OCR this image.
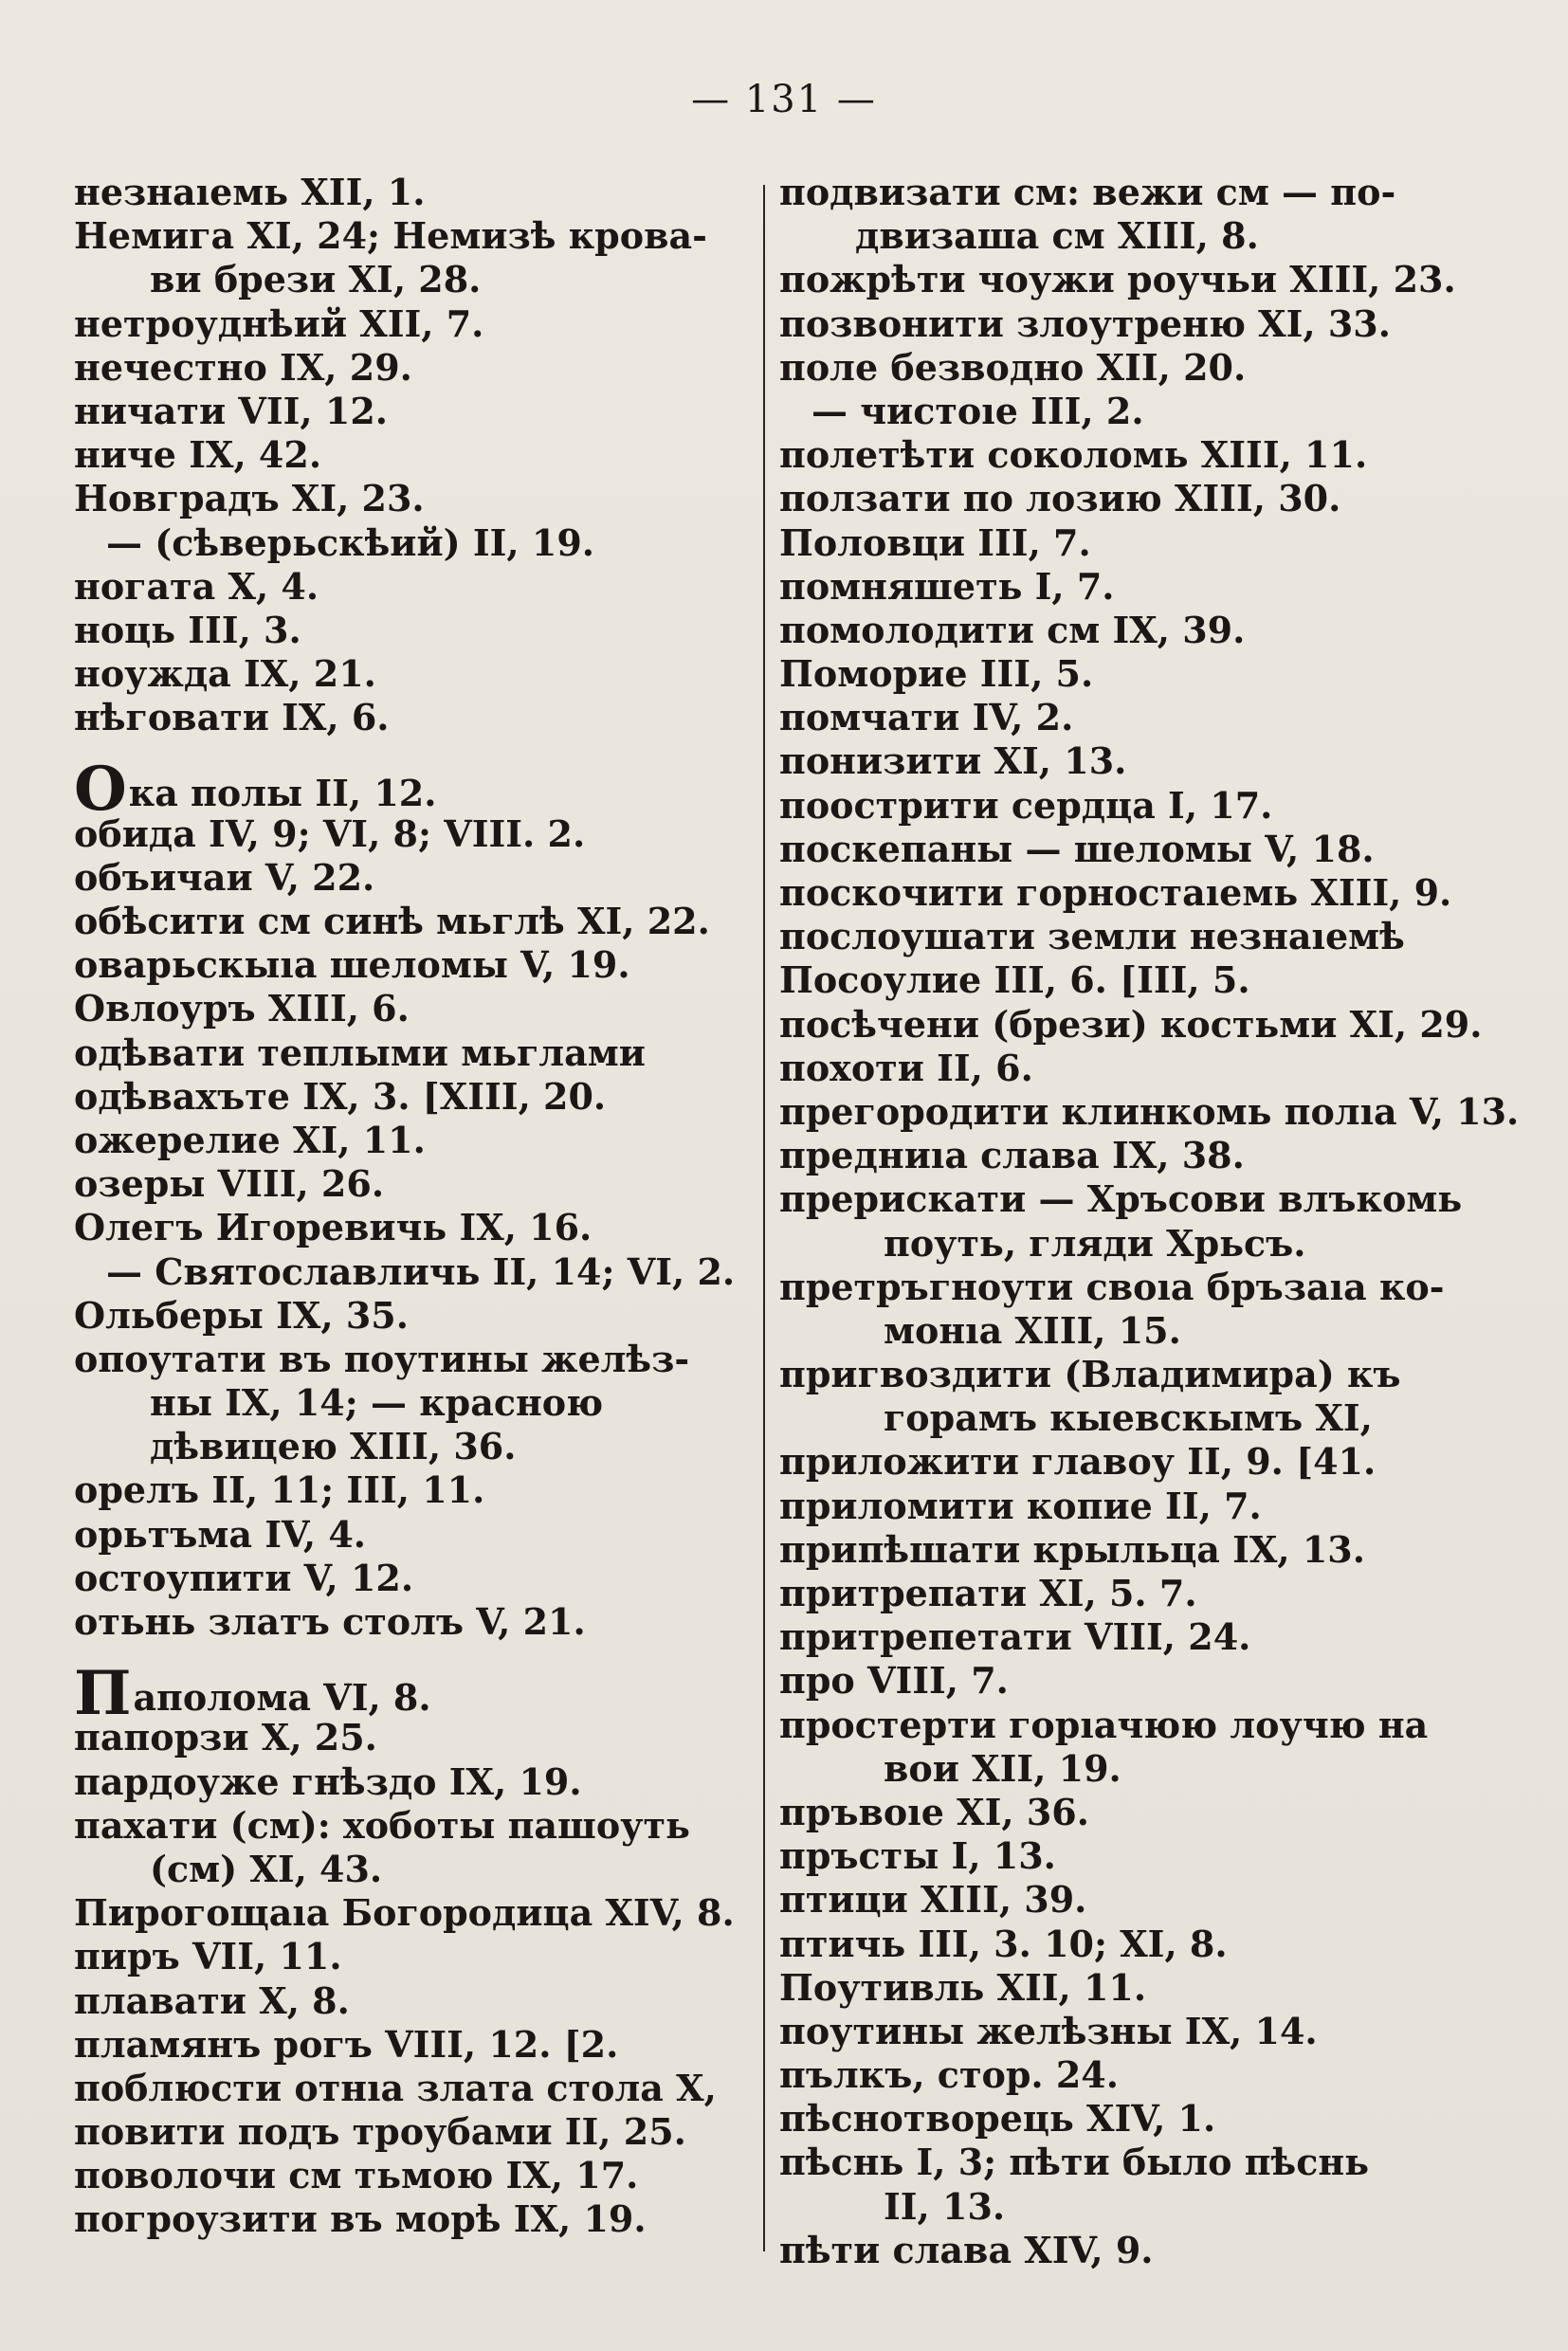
— 131 —
незнаıемь XII, 1.
Немига XI, 24; Немизѣ крова-
ви брези XI, 28.
нетроуднѣий XII, 7.
нечестно IX, 29.
ничати VII, 12.
ниче IX, 42.
Новградъ XI, 23.
— (сѣверьскѣий) II, 19.
ногата X, 4.
ноць III, 3.
ноужда IX, 21.
нѣговати IX, 6.
Ока полы II, 12.
обида IV, 9; VI, 8; VIII. 2.
объичаи V, 22.
обѣсити см синѣ мьглѣ XI, 22.
оварьскыıа шеломы V, 19.
Овлоуръ XIII, 6.
одѣвати теплыми мьглами
одѣвахъте IX, 3. [XIII, 20.
ожерелие XI, 11.
озеры VIII, 26.
Олегъ Игоревичь IX, 16.
— Святославличь II, 14; VI, 2.
Ольберы IX, 35.
опоутати въ поутины желѣз-
ны IX, 14; — красною
дѣвицею XIII, 36.
орелъ II, 11; III, 11.
орьтъма IV, 4.
остоупити V, 12.
отьнь златъ столъ V, 21.
Паполома VI, 8.
папорзи X, 25.
пардоуже гнѣздо IX, 19.
пахати (см): хоботы пашоуть
(см) XI, 43.
Пирогощаıа Богородица XIV, 8.
пиръ VII, 11.
плавати X, 8.
пламянъ рогъ VIII, 12. [2.
поблюсти отнıа злата стола X,
повити подъ троубами II, 25.
поволочи см тьмою IX, 17.
погроузити въ морѣ IX, 19.
подвизати см: вежи см — по-
двизаша см XIII, 8.
пожрѣти чоужи роучьи XIII, 23.
позвонити злоутреню XI, 33.
поле безводно XII, 20.
— чистоıе III, 2.
полетѣти соколомь XIII, 11.
ползати по лозию XIII, 30.
Половци III, 7.
помняшеть I, 7.
помолодити см IX, 39.
Поморие III, 5.
помчати IV, 2.
понизити XI, 13.
поострити сердца I, 17.
поскепаны — шеломы V, 18.
поскочити горностаıемь XIII, 9.
послоушати земли незнаıемѣ
Посоулие III, 6. [III, 5.
посѣчени (брези) костьми XI, 29.
похоти II, 6.
прегородити клинкомь полıа V, 13.
предниıа слава IX, 38.
прерискати — Хръсови влъкомь
поуть, гляди Хрьсъ.
претръгноути своıа бръзаıа ко-
монıа XIII, 15.
пригвоздити (Владимира) къ
горамъ кыевскымъ XI,
приложити главоу II, 9. [41.
приломити копие II, 7.
припѣшати крыльца IX, 13.
притрепати XI, 5. 7.
притрепетати VIII, 24.
про VIII, 7.
простерти горıачюю лоучю на
вои XII, 19.
пръвоıе XI, 36.
пръсты I, 13.
птици XIII, 39.
птичь III, 3. 10; XI, 8.
Поутивль XII, 11.
поутины желѣзны IX, 14.
пълкъ, стор. 24.
пѣснотворець XIV, 1.
пѣснь I, 3; пѣти было пѣснь
II, 13.
пѣти слава XIV, 9.
